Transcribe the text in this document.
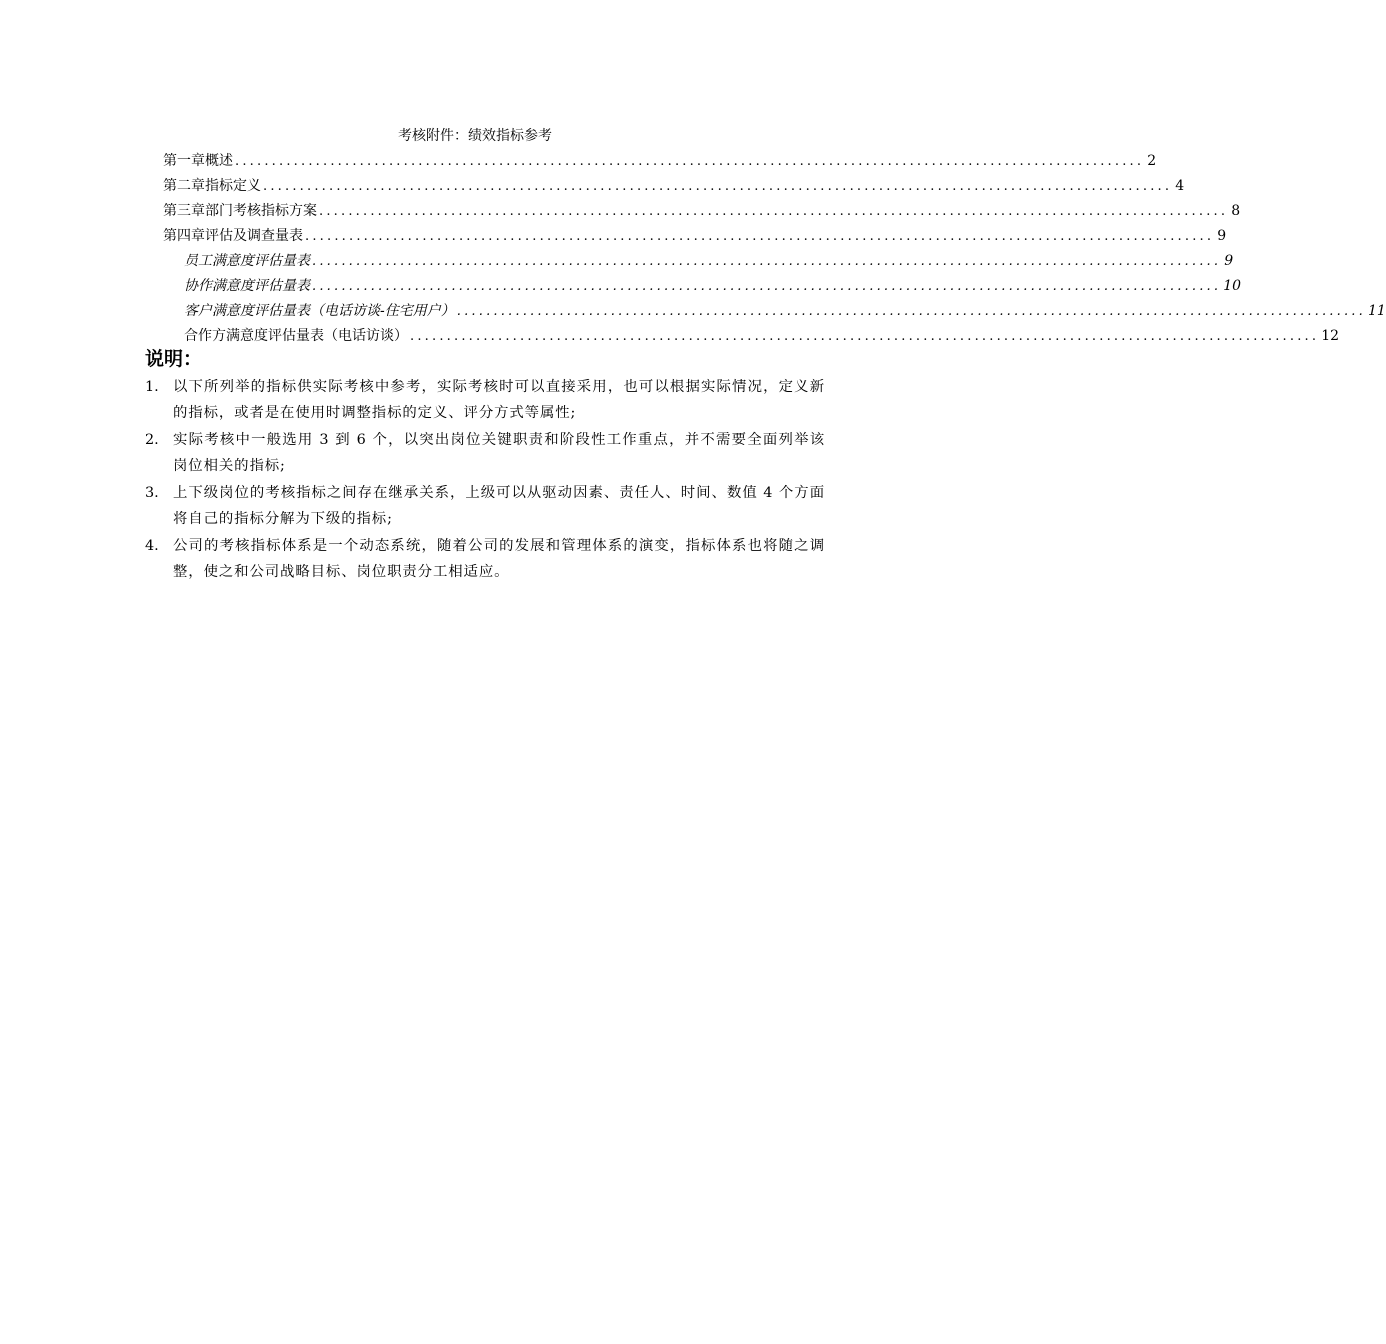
考核附件：绩效指标参考
第一章 概述 ............................................................................................................................ 2
第二章 指标定义 ............................................................................................................................ 4
第三章 部门考核指标方案 ............................................................................................................................ 8
第四章 评估及调查量表 ............................................................................................................................ 9
员工满意度评估量表 ............................................................................................................................ 9
协作满意度评估量表 ............................................................................................................................ 10
客户满意度评估量表（电话访谈-住宅用户） ............................................................................................................................ 11
合作方满意度评估量表（电话访谈） ............................................................................................................................ 12
说明：
1. 以下所列举的指标供实际考核中参考，实际考核时可以直接采用，也可以根据实际情况，定义新的指标，或者是在使用时调整指标的定义、评分方式等属性;
2. 实际考核中一般选用 3 到 6 个，以突出岗位关键职责和阶段性工作重点，并不需要全面列举该岗位相关的指标;
3. 上下级岗位的考核指标之间存在继承关系，上级可以从驱动因素、责任人、时间、数值 4 个方面将自己的指标分解为下级的指标;
4. 公司的考核指标体系是一个动态系统，随着公司的发展和管理体系的演变，指标体系也将随之调整，使之和公司战略目标、岗位职责分工相适应。
